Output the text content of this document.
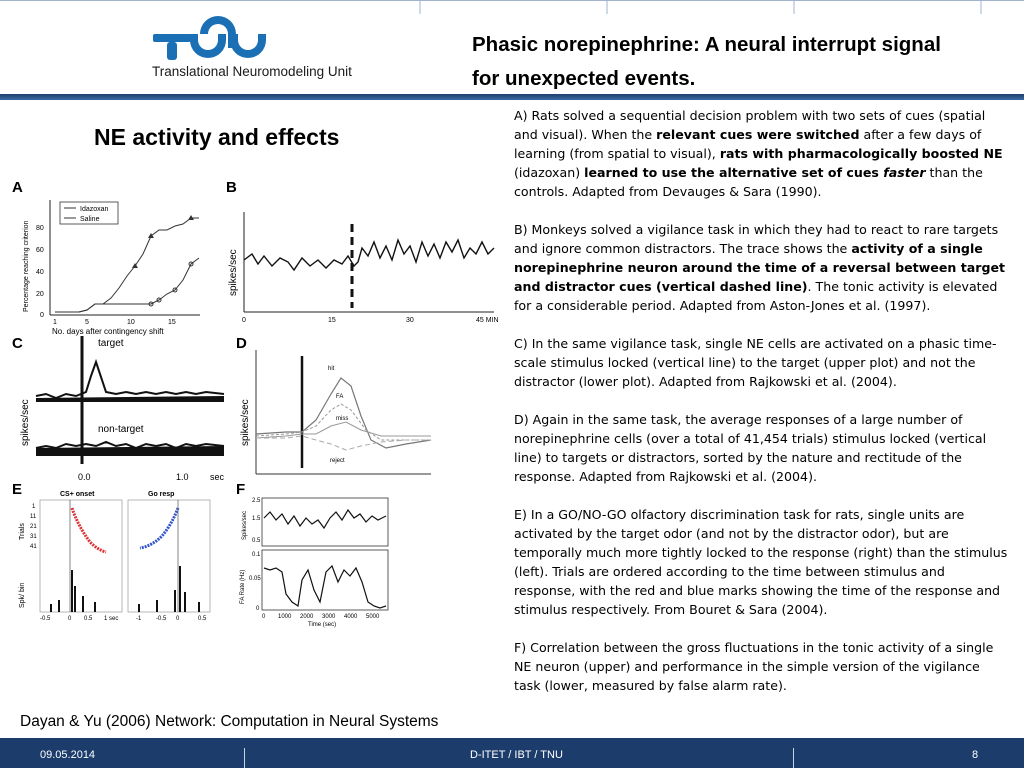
Translational Neuromodeling Unit
Phasic norepinephrine: A neural interrupt signal
for unexpected events.
NE activity and effects
A
Idazoxan
Saline
80
60
40
20
0
1	5	10	15
No. days after contingency shift
Percentage reaching criterion
B
0	15	30	45 MIN
spikes/sec
C	target
non-target
0.0	1.0 sec
spikes/sec
D
hit
FA
miss
reject
spikes/sec
E	CS+ onset	Go resp
Trials
Spk/ bin
1
11
21
31
41
-0.5	0 0.5 1 sec	-1 -0.5 0	0.5
F
2.5
1.5
0.5
0.1
0.05
0
0 1000 2000 3000 4000 5000
Time (sec)
Spikes/sec
FA Rate (Hz)

A) Rats solved a sequential decision problem with two sets of cues (spatial and visual). When the relevant cues were switched after a few days of learning (from spatial to visual), rats with pharmacologically boosted NE (idazoxan) learned to use the alternative set of cues faster than the controls. Adapted from Devauges & Sara (1990).

B) Monkeys solved a vigilance task in which they had to react to rare targets and ignore common distractors. The trace shows the activity of a single norepinephrine neuron around the time of a reversal between target and distractor cues (vertical dashed line). The tonic activity is elevated for a considerable period. Adapted from Aston-Jones et al. (1997).

C) In the same vigilance task, single NE cells are activated on a phasic time-scale stimulus locked (vertical line) to the target (upper plot) and not the distractor (lower plot). Adapted from Rajkowski et al. (2004).

D) Again in the same task, the average responses of a large number of norepinephrine cells (over a total of 41,454 trials) stimulus locked (vertical line) to targets or distractors, sorted by the nature and rectitude of the response. Adapted from Rajkowski et al. (2004).

E) In a GO/NO-GO olfactory discrimination task for rats, single units are activated by the target odor (and not by the distractor odor), but are temporally much more tightly locked to the response (right) than the stimulus (left). Trials are ordered according to the time between stimulus and response, with the red and blue marks showing the time of the response and stimulus respectively. From Bouret & Sara (2004).

F) Correlation between the gross fluctuations in the tonic activity of a single NE neuron (upper) and performance in the simple version of the vigilance task (lower, measured by false alarm rate).

Dayan & Yu (2006) Network: Computation in Neural Systems
09.05.2014	D-ITET / IBT / TNU	8
